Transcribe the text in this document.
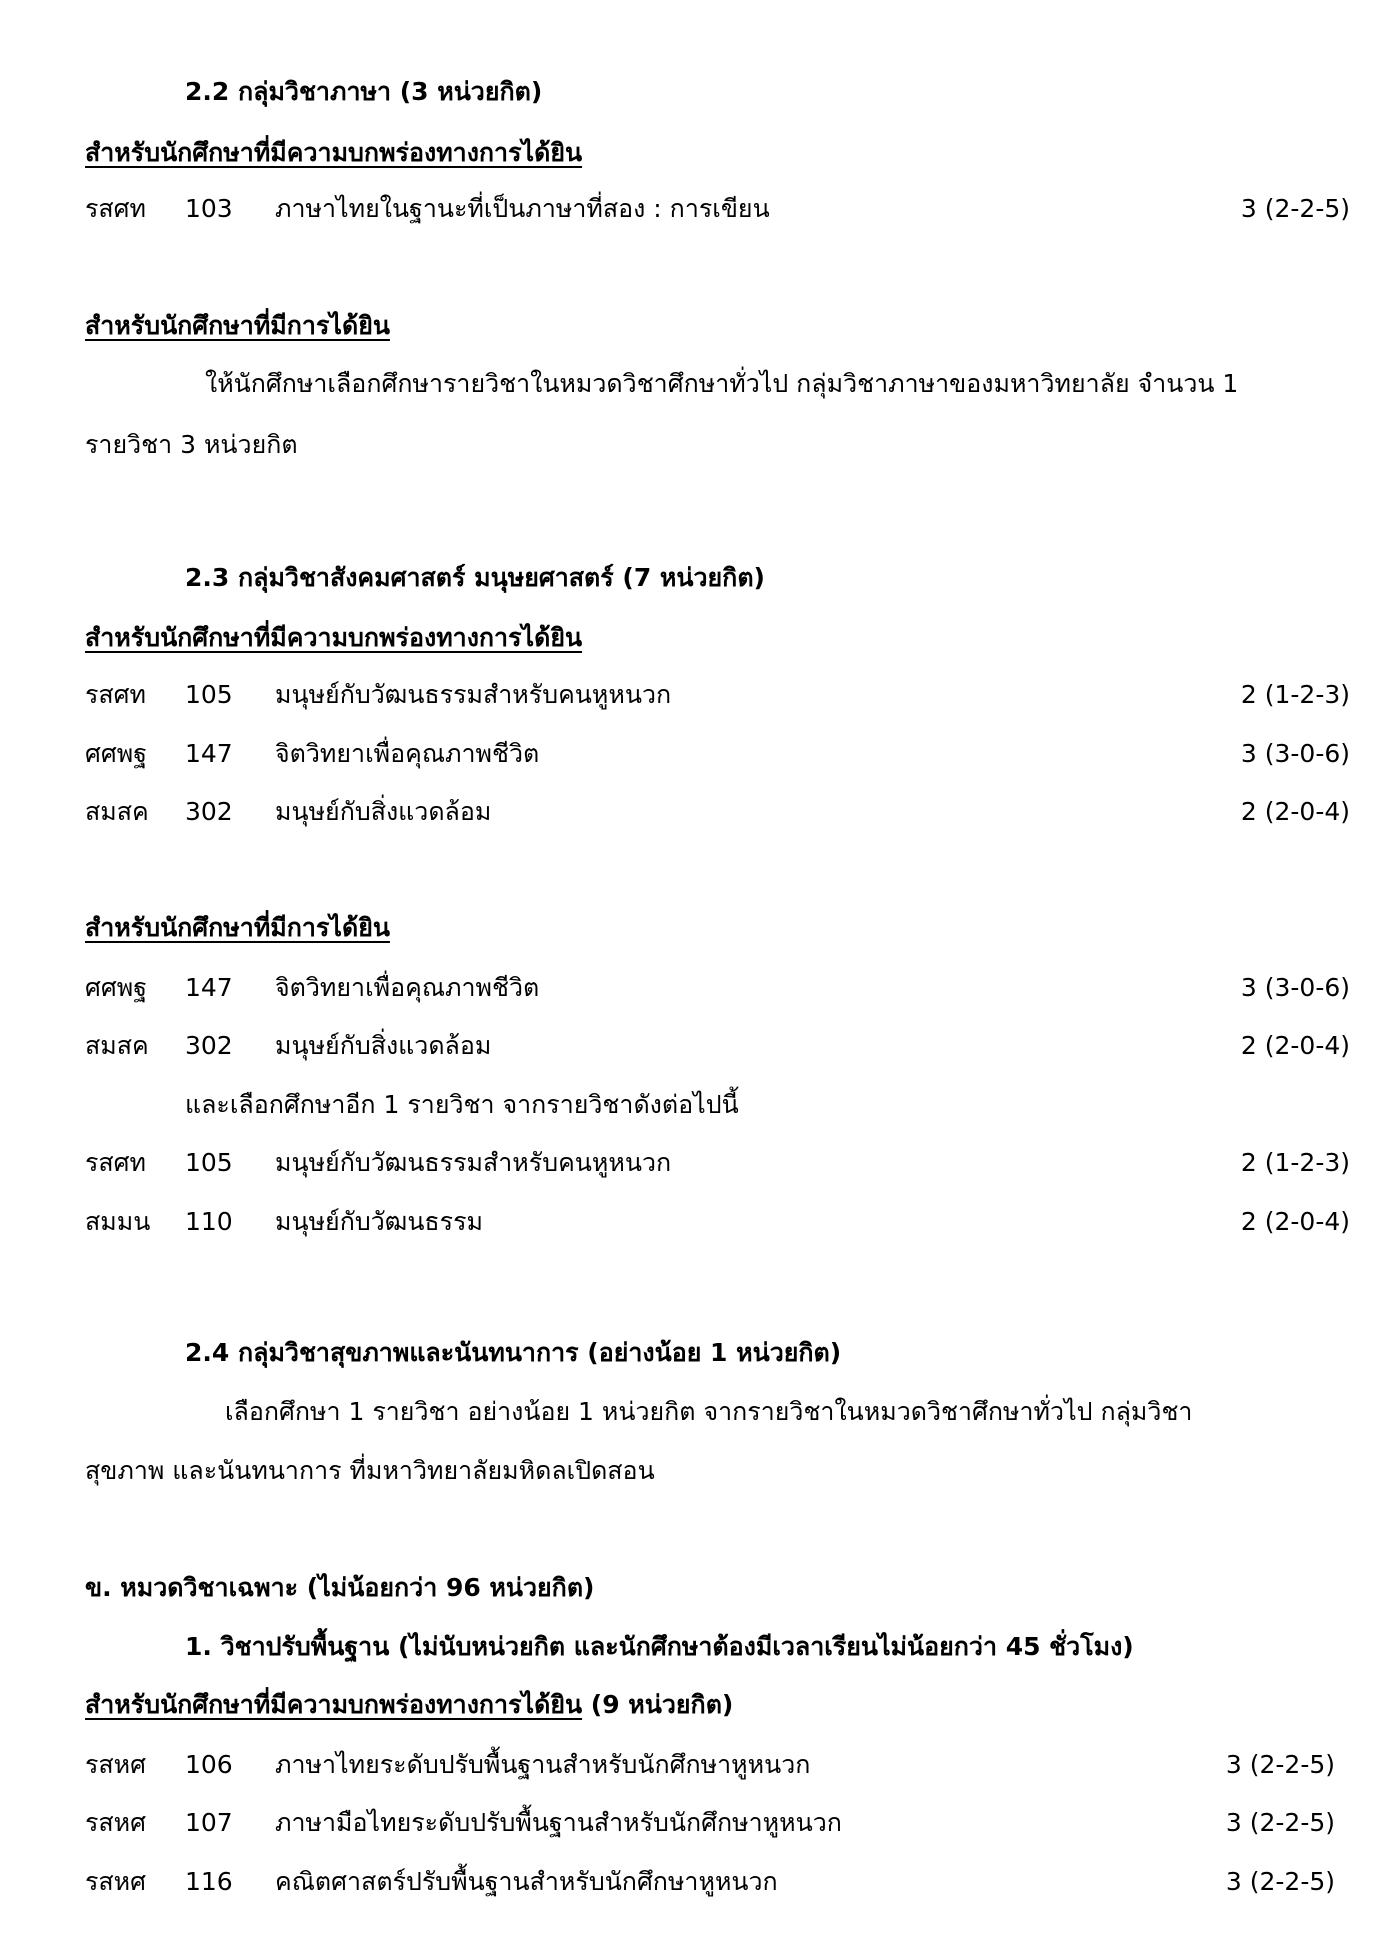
2.2 กลุ่มวิชาภาษา (3 หน่วยกิต)
สำหรับนักศึกษาที่มีความบกพร่องทางการได้ยิน
รสศท 103 ภาษาไทยในฐานะที่เป็นภาษาที่สอง : การเขียน	3 (2-2-5)
สำหรับนักศึกษาที่มีการได้ยิน
ให้นักศึกษาเลือกศึกษารายวิชาในหมวดวิชาศึกษาทั่วไป กลุ่มวิชาภาษาของมหาวิทยาลัย จำนวน 1
รายวิชา 3 หน่วยกิต
2.3 กลุ่มวิชาสังคมศาสตร์ มนุษยศาสตร์ (7 หน่วยกิต)
สำหรับนักศึกษาที่มีความบกพร่องทางการได้ยิน
รสศท 105 มนุษย์กับวัฒนธรรมสำหรับคนหูหนวก	2 (1-2-3)
ศศพฐ 147 จิตวิทยาเพื่อคุณภาพชีวิต	3 (3-0-6)
สมสค 302 มนุษย์กับสิ่งแวดล้อม	2 (2-0-4)
สำหรับนักศึกษาที่มีการได้ยิน
ศศพฐ 147 จิตวิทยาเพื่อคุณภาพชีวิต	3 (3-0-6)
สมสค 302 มนุษย์กับสิ่งแวดล้อม	2 (2-0-4)
และเลือกศึกษาอีก 1 รายวิชา จากรายวิชาดังต่อไปนี้
รสศท 105 มนุษย์กับวัฒนธรรมสำหรับคนหูหนวก	2 (1-2-3)
สมมน 110 มนุษย์กับวัฒนธรรม	2 (2-0-4)
2.4 กลุ่มวิชาสุขภาพและนันทนาการ (อย่างน้อย 1 หน่วยกิต)
เลือกศึกษา 1 รายวิชา อย่างน้อย 1 หน่วยกิต จากรายวิชาในหมวดวิชาศึกษาทั่วไป กลุ่มวิชา
สุขภาพ และนันทนาการ ที่มหาวิทยาลัยมหิดลเปิดสอน
ข. หมวดวิชาเฉพาะ (ไม่น้อยกว่า 96 หน่วยกิต)
1. วิชาปรับพื้นฐาน (ไม่นับหน่วยกิต และนักศึกษาต้องมีเวลาเรียนไม่น้อยกว่า 45 ชั่วโมง)
สำหรับนักศึกษาที่มีความบกพร่องทางการได้ยิน (9 หน่วยกิต)
รสหศ 106 ภาษาไทยระดับปรับพื้นฐานสำหรับนักศึกษาหูหนวก	3 (2-2-5)
รสหศ 107 ภาษามือไทยระดับปรับพื้นฐานสำหรับนักศึกษาหูหนวก	3 (2-2-5)
รสหศ 116 คณิตศาสตร์ปรับพื้นฐานสำหรับนักศึกษาหูหนวก	3 (2-2-5)
